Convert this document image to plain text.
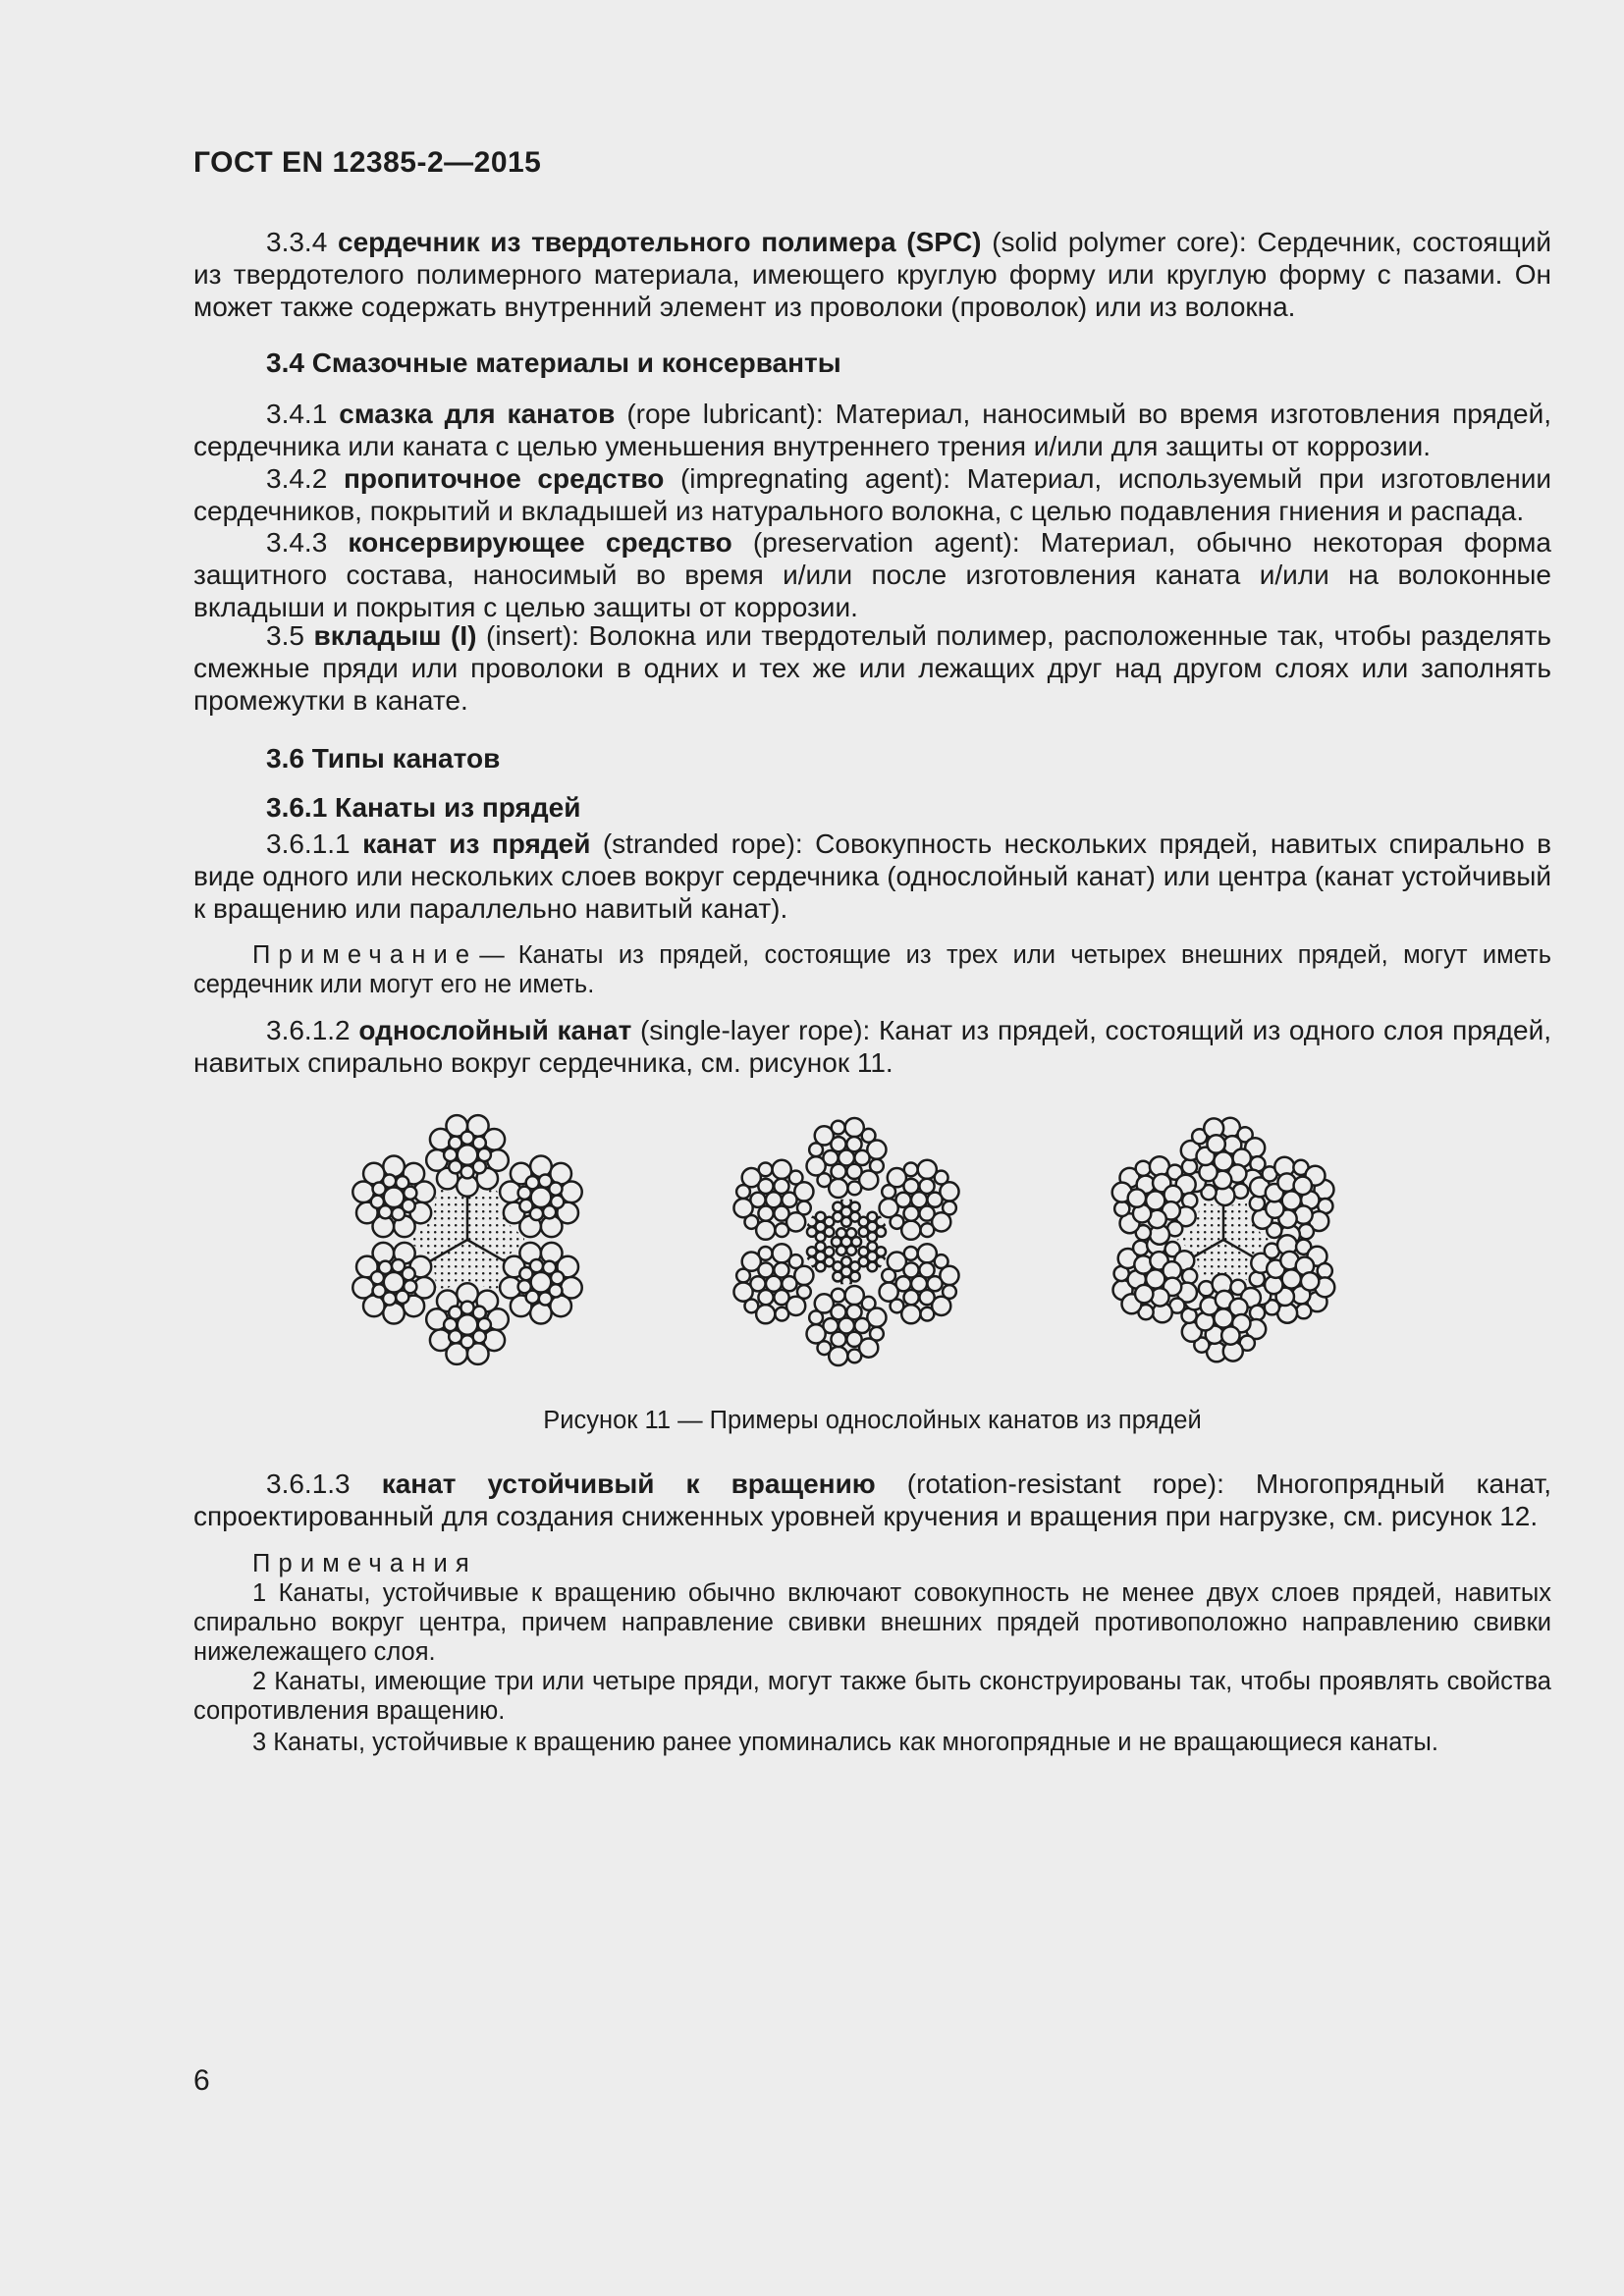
ГОСТ EN 12385-2—2015

3.3.4 сердечник из твердотельного полимера (SPC) (solid polymer core): Сердечник, состоящий из твердотелого полимерного материала, имеющего круглую форму или круглую форму с пазами. Он может также содержать внутренний элемент из проволоки (проволок) или из волокна.

3.4 Смазочные материалы и консерванты

3.4.1 смазка для канатов (rope lubricant): Материал, наносимый во время изготовления прядей, сердечника или каната с целью уменьшения внутреннего трения и/или для защиты от коррозии.

3.4.2 пропиточное средство (impregnating agent): Материал, используемый при изготовлении сердечников, покрытий и вкладышей из натурального волокна, с целью подавления гниения и распада.

3.4.3 консервирующее средство (preservation agent): Материал, обычно некоторая форма защитного состава, наносимый во время и/или после изготовления каната и/или на волоконные вкладыши и покрытия с целью защиты от коррозии.

3.5 вкладыш (I) (insert): Волокна или твердотелый полимер, расположенные так, чтобы разделять смежные пряди или проволоки в одних и тех же или лежащих друг над другом слоях или заполнять промежутки в канате.

3.6 Типы канатов
3.6.1 Канаты из прядей

3.6.1.1 канат из прядей (stranded rope): Совокупность нескольких прядей, навитых спирально в виде одного или нескольких слоев вокруг сердечника (однослойный канат) или центра (канат устойчивый к вращению или параллельно навитый канат).

Примечание— Канаты из прядей, состоящие из трех или четырех внешних прядей, могут иметь сердечник или могут его не иметь.

3.6.1.2 однослойный канат (single-layer rope): Канат из прядей, состоящий из одного слоя прядей, навитых спирально вокруг сердечника, см. рисунок 11.

Рисунок 11 — Примеры однослойных канатов из прядей

3.6.1.3 канат устойчивый к вращению (rotation-resistant rope): Многопрядный канат, спроектированный для создания сниженных уровней кручения и вращения при нагрузке, см. рисунок 12.

Примечания

1 Канаты, устойчивые к вращению обычно включают совокупность не менее двух слоев прядей, навитых спирально вокруг центра, причем направление свивки внешних прядей противоположно направлению свивки нижележащего слоя.

2 Канаты, имеющие три или четыре пряди, могут также быть сконструированы так, чтобы проявлять свойства сопротивления вращению.

3 Канаты, устойчивые к вращению ранее упоминались как многопрядные и не вращающиеся канаты.

6
